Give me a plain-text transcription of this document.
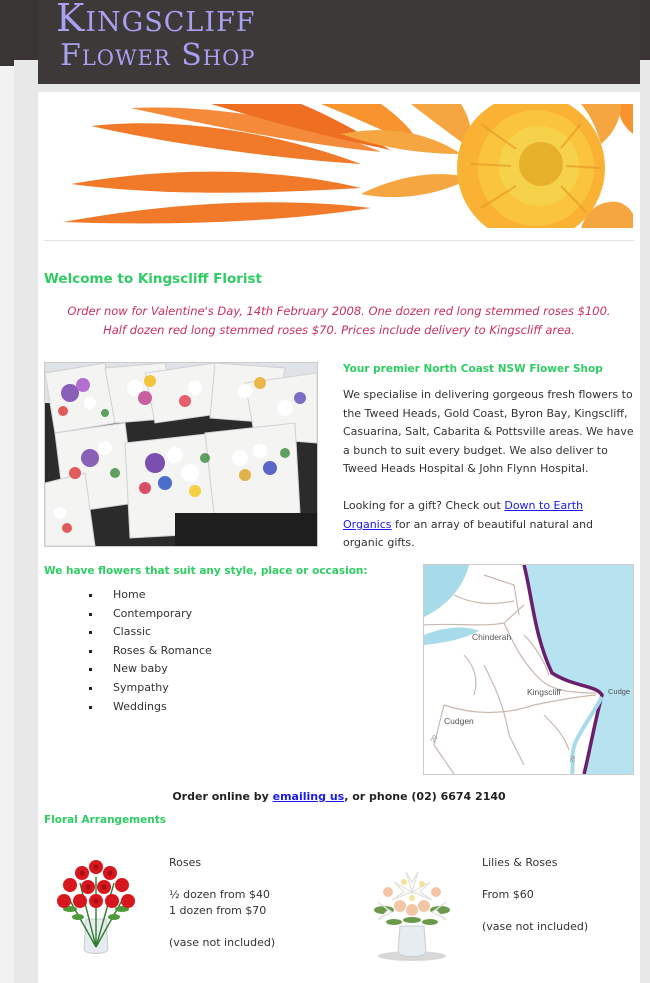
Kingscliff
Flower Shop
Welcome to Kingscliff Florist
Order now for Valentine's Day, 14th February 2008. One dozen red long stemmed roses $100.
Half dozen red long stemmed roses $70. Prices include delivery to Kingscliff area.
Your premier North Coast NSW Flower Shop
We specialise in delivering gorgeous fresh flowers to the Tweed Heads, Gold Coast, Byron Bay, Kingscliff, Casuarina, Salt, Cabarita & Pottsville areas. We have a bunch to suit every budget. We also deliver to Tweed Heads Hospital & John Flynn Hospital.
Looking for a gift? Check out Down to Earth Organics for an array of beautiful natural and organic gifts.
We have flowers that suit any style, place or occasion:
Home
Contemporary
Classic
Roses & Romance
New baby
Sympathy
Weddings
Chinderah
Kingscliff
Cudgen
Cudge
20
20
Order online by emailing us, or phone (02) 6674 2140
Floral Arrangements
Roses
½ dozen from $40
1 dozen from $70
(vase not included)
Lilies & Roses
From $60
(vase not included)
